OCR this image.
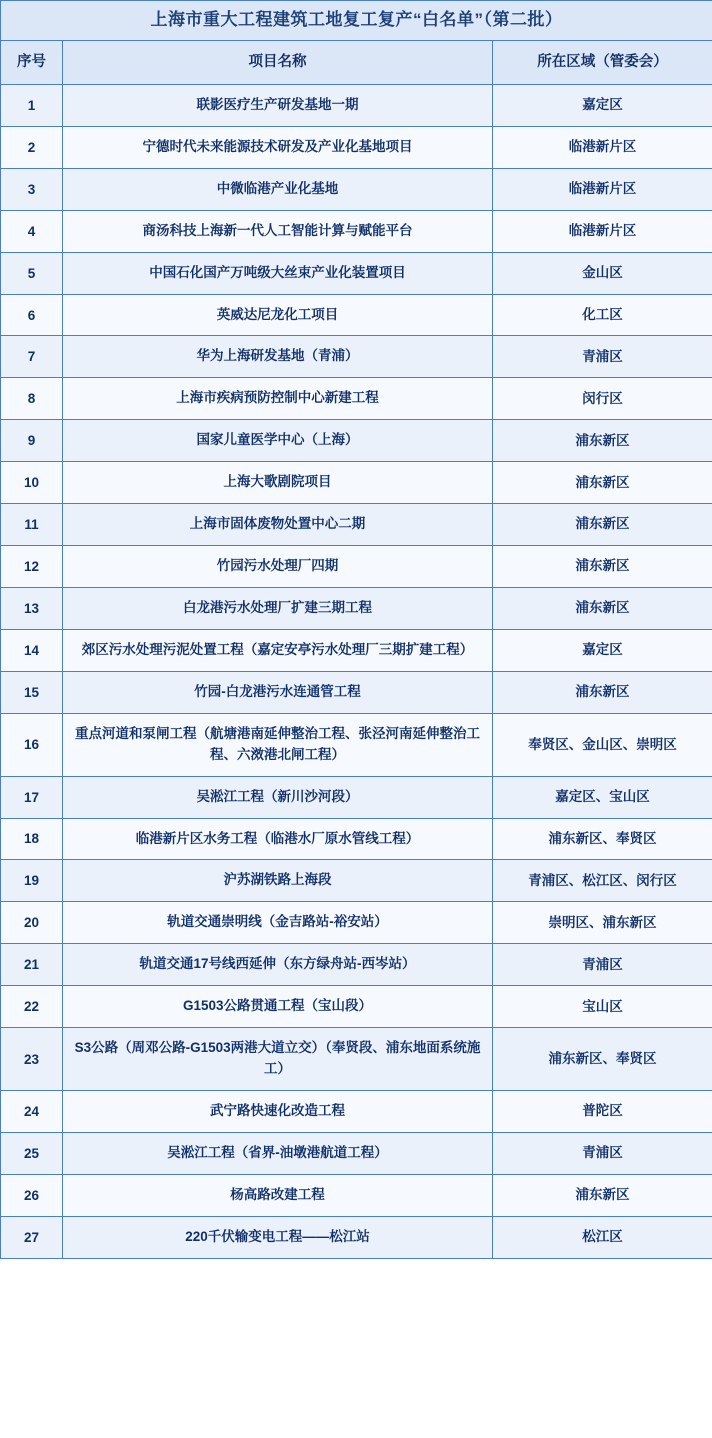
上海市重大工程建筑工地复工复产“白名单”（第二批）		
序号	项目名称	所在区域（管委会）
1	联影医疗生产研发基地一期	嘉定区
2	宁德时代未来能源技术研发及产业化基地项目	临港新片区
3	中微临港产业化基地	临港新片区
4	商汤科技上海新一代人工智能计算与赋能平台	临港新片区
5	中国石化国产万吨级大丝束产业化装置项目	金山区
6	英威达尼龙化工项目	化工区
7	华为上海研发基地（青浦）	青浦区
8	上海市疾病预防控制中心新建工程	闵行区
9	国家儿童医学中心（上海）	浦东新区
10	上海大歌剧院项目	浦东新区
11	上海市固体废物处置中心二期	浦东新区
12	竹园污水处理厂四期	浦东新区
13	白龙港污水处理厂扩建三期工程	浦东新区
14	郊区污水处理污泥处置工程（嘉定安亭污水处理厂三期扩建工程）	嘉定区
15	竹园-白龙港污水连通管工程	浦东新区
16	重点河道和泵闸工程（航塘港南延伸整治工程、张泾河南延伸整治工程、六滧港北闸工程）	奉贤区、金山区、崇明区
17	吴淞江工程（新川沙河段）	嘉定区、宝山区
18	临港新片区水务工程（临港水厂原水管线工程）	浦东新区、奉贤区
19	沪苏湖铁路上海段	青浦区、松江区、闵行区
20	轨道交通崇明线（金吉路站-裕安站）	崇明区、浦东新区
21	轨道交通17号线西延伸（东方绿舟站-西岑站）	青浦区
22	G1503公路贯通工程（宝山段）	宝山区
23	S3公路（周邓公路-G1503两港大道立交）（奉贤段、浦东地面系统施工）	浦东新区、奉贤区
24	武宁路快速化改造工程	普陀区
25	吴淞江工程（省界-油墩港航道工程）	青浦区
26	杨高路改建工程	浦东新区
27	220千伏输变电工程——松江站	松江区
